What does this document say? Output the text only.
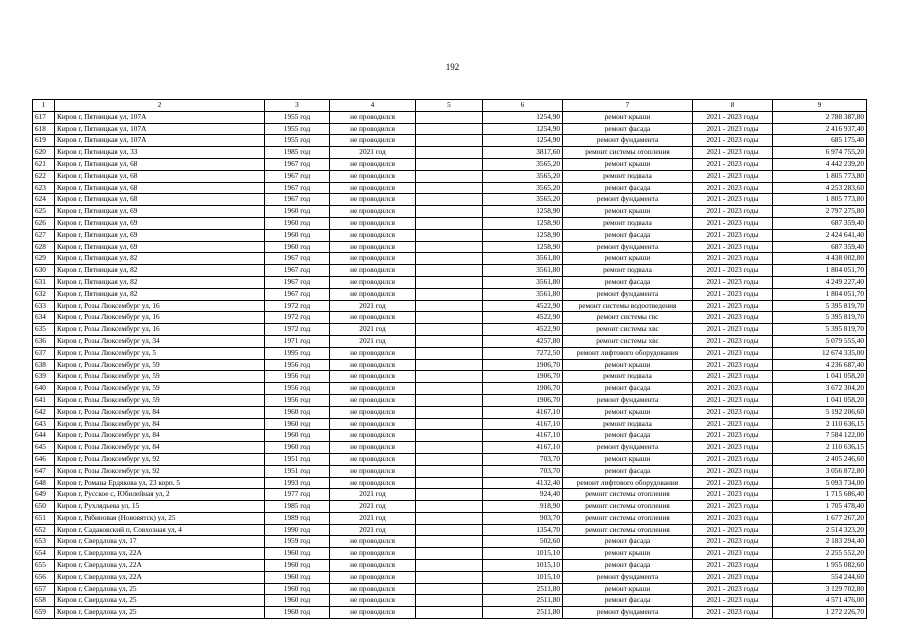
192
1	2	3	4	5	6	7	8	9
617	Киров г, Пятницкая ул, 107А	1955 год	не проводился		1254,90	ремонт крыши	2021 - 2023 годы	2 788 387,80
618	Киров г, Пятницкая ул, 107А	1955 год	не проводился		1254,90	ремонт фасада	2021 - 2023 годы	2 416 937,40
619	Киров г, Пятницкая ул, 107А	1955 год	не проводился		1254,90	ремонт фундамента	2021 - 2023 годы	685 175,40
620	Киров г, Пятницкая ул, 33	1985 год	2021 год		3817,60	ремонт системы отопления	2021 - 2023 годы	6 974 755,20
621	Киров г, Пятницкая ул, 68	1967 год	не проводился		3565,20	ремонт крыши	2021 - 2023 годы	4 442 239,20
622	Киров г, Пятницкая ул, 68	1967 год	не проводился		3565,20	ремонт подвала	2021 - 2023 годы	1 805 773,80
623	Киров г, Пятницкая ул, 68	1967 год	не проводился		3565,20	ремонт фасада	2021 - 2023 годы	4 253 283,60
624	Киров г, Пятницкая ул, 68	1967 год	не проводился		3565,20	ремонт фундамента	2021 - 2023 годы	1 805 773,80
625	Киров г, Пятницкая ул, 69	1960 год	не проводился		1258,90	ремонт крыши	2021 - 2023 годы	2 797 275,80
626	Киров г, Пятницкая ул, 69	1960 год	не проводился		1258,90	ремонт подвала	2021 - 2023 годы	687 359,40
627	Киров г, Пятницкая ул, 69	1960 год	не проводился		1258,90	ремонт фасада	2021 - 2023 годы	2 424 641,40
628	Киров г, Пятницкая ул, 69	1960 год	не проводился		1258,90	ремонт фундамента	2021 - 2023 годы	687 359,40
629	Киров г, Пятницкая ул, 82	1967 год	не проводился		3561,80	ремонт крыши	2021 - 2023 годы	4 438 002,80
630	Киров г, Пятницкая ул, 82	1967 год	не проводился		3561,80	ремонт подвала	2021 - 2023 годы	1 804 051,70
631	Киров г, Пятницкая ул, 82	1967 год	не проводился		3561,80	ремонт фасада	2021 - 2023 годы	4 249 227,40
632	Киров г, Пятницкая ул, 82	1967 год	не проводился		3561,80	ремонт фундамента	2021 - 2023 годы	1 804 051,70
633	Киров г, Розы Люксембург ул, 16	1972 год	2021 год		4522,90	ремонт системы водоотведения	2021 - 2023 годы	5 395 819,70
634	Киров г, Розы Люксембург ул, 16	1972 год	не проводился		4522,90	ремонт системы гвс	2021 - 2023 годы	5 395 819,70
635	Киров г, Розы Люксембург ул, 16	1972 год	2021 год		4522,90	ремонт системы хвс	2021 - 2023 годы	5 395 819,70
636	Киров г, Розы Люксембург ул, 34	1971 год	2021 год		4257,80	ремонт системы хвс	2021 - 2023 годы	5 079 555,40
637	Киров г, Розы Люксембург ул, 5	1995 год	не проводился		7272,50	ремонт лифтового оборудования	2021 - 2023 годы	12 674 335,00
638	Киров г, Розы Люксембург ул, 59	1956 год	не проводился		1906,70	ремонт крыши	2021 - 2023 годы	4 236 687,40
639	Киров г, Розы Люксембург ул, 59	1956 год	не проводился		1906,70	ремонт подвала	2021 - 2023 годы	1 041 058,20
640	Киров г, Розы Люксембург ул, 59	1956 год	не проводился		1906,70	ремонт фасада	2021 - 2023 годы	3 672 304,20
641	Киров г, Розы Люксембург ул, 59	1956 год	не проводился		1906,70	ремонт фундамента	2021 - 2023 годы	1 041 058,20
642	Киров г, Розы Люксембург ул, 84	1960 год	не проводился		4167,10	ремонт крыши	2021 - 2023 годы	5 192 206,60
643	Киров г, Розы Люксембург ул, 84	1960 год	не проводился		4167,10	ремонт подвала	2021 - 2023 годы	2 110 636,15
644	Киров г, Розы Люксембург ул, 84	1960 год	не проводился		4167,10	ремонт фасада	2021 - 2023 годы	7 584 122,00
645	Киров г, Розы Люксембург ул, 84	1960 год	не проводился		4167,10	ремонт фундамента	2021 - 2023 годы	2 110 636,15
646	Киров г, Розы Люксембург ул, 92	1951 год	не проводился		703,70	ремонт крыши	2021 - 2023 годы	2 405 246,60
647	Киров г, Розы Люксембург ул, 92	1951 год	не проводился		703,70	ремонт фасада	2021 - 2023 годы	3 056 872,80
648	Киров г, Романа Ердякова ул, 23 корп. 5	1993 год	не проводился		4132,40	ремонт лифтового оборудования	2021 - 2023 годы	5 093 734,00
649	Киров г, Русское с, Юбилейная ул, 2	1977 год	2021 год		924,40	ремонт системы отопления	2021 - 2023 годы	1 715 686,40
650	Киров г, Рухлядьева ул, 15	1985 год	2021 год		918,90	ремонт системы отопления	2021 - 2023 годы	1 705 478,40
651	Киров г, Рябиновая (Нововятск) ул, 25	1989 год	2021 год		903,70	ремонт системы отопления	2021 - 2023 годы	1 677 267,20
652	Киров г, Садаковский п, Совхозная ул, 4	1990 год	2021 год		1354,70	ремонт системы отопления	2021 - 2023 годы	2 514 323,20
653	Киров г, Свердлова ул, 17	1959 год	не проводился		502,60	ремонт фасада	2021 - 2023 годы	2 183 294,40
654	Киров г, Свердлова ул, 22А	1960 год	не проводился		1015,10	ремонт крыши	2021 - 2023 годы	2 255 552,20
655	Киров г, Свердлова ул, 22А	1960 год	не проводился		1015,10	ремонт фасада	2021 - 2023 годы	1 955 082,60
656	Киров г, Свердлова ул, 22А	1960 год	не проводился		1015,10	ремонт фундамента	2021 - 2023 годы	554 244,60
657	Киров г, Свердлова ул, 25	1960 год	не проводился		2511,80	ремонт крыши	2021 - 2023 годы	3 129 702,80
658	Киров г, Свердлова ул, 25	1960 год	не проводился		2511,80	ремонт фасада	2021 - 2023 годы	4 571 476,00
659	Киров г, Свердлова ул, 25	1960 год	не проводился		2511,80	ремонт фундамента	2021 - 2023 годы	1 272 226,70
